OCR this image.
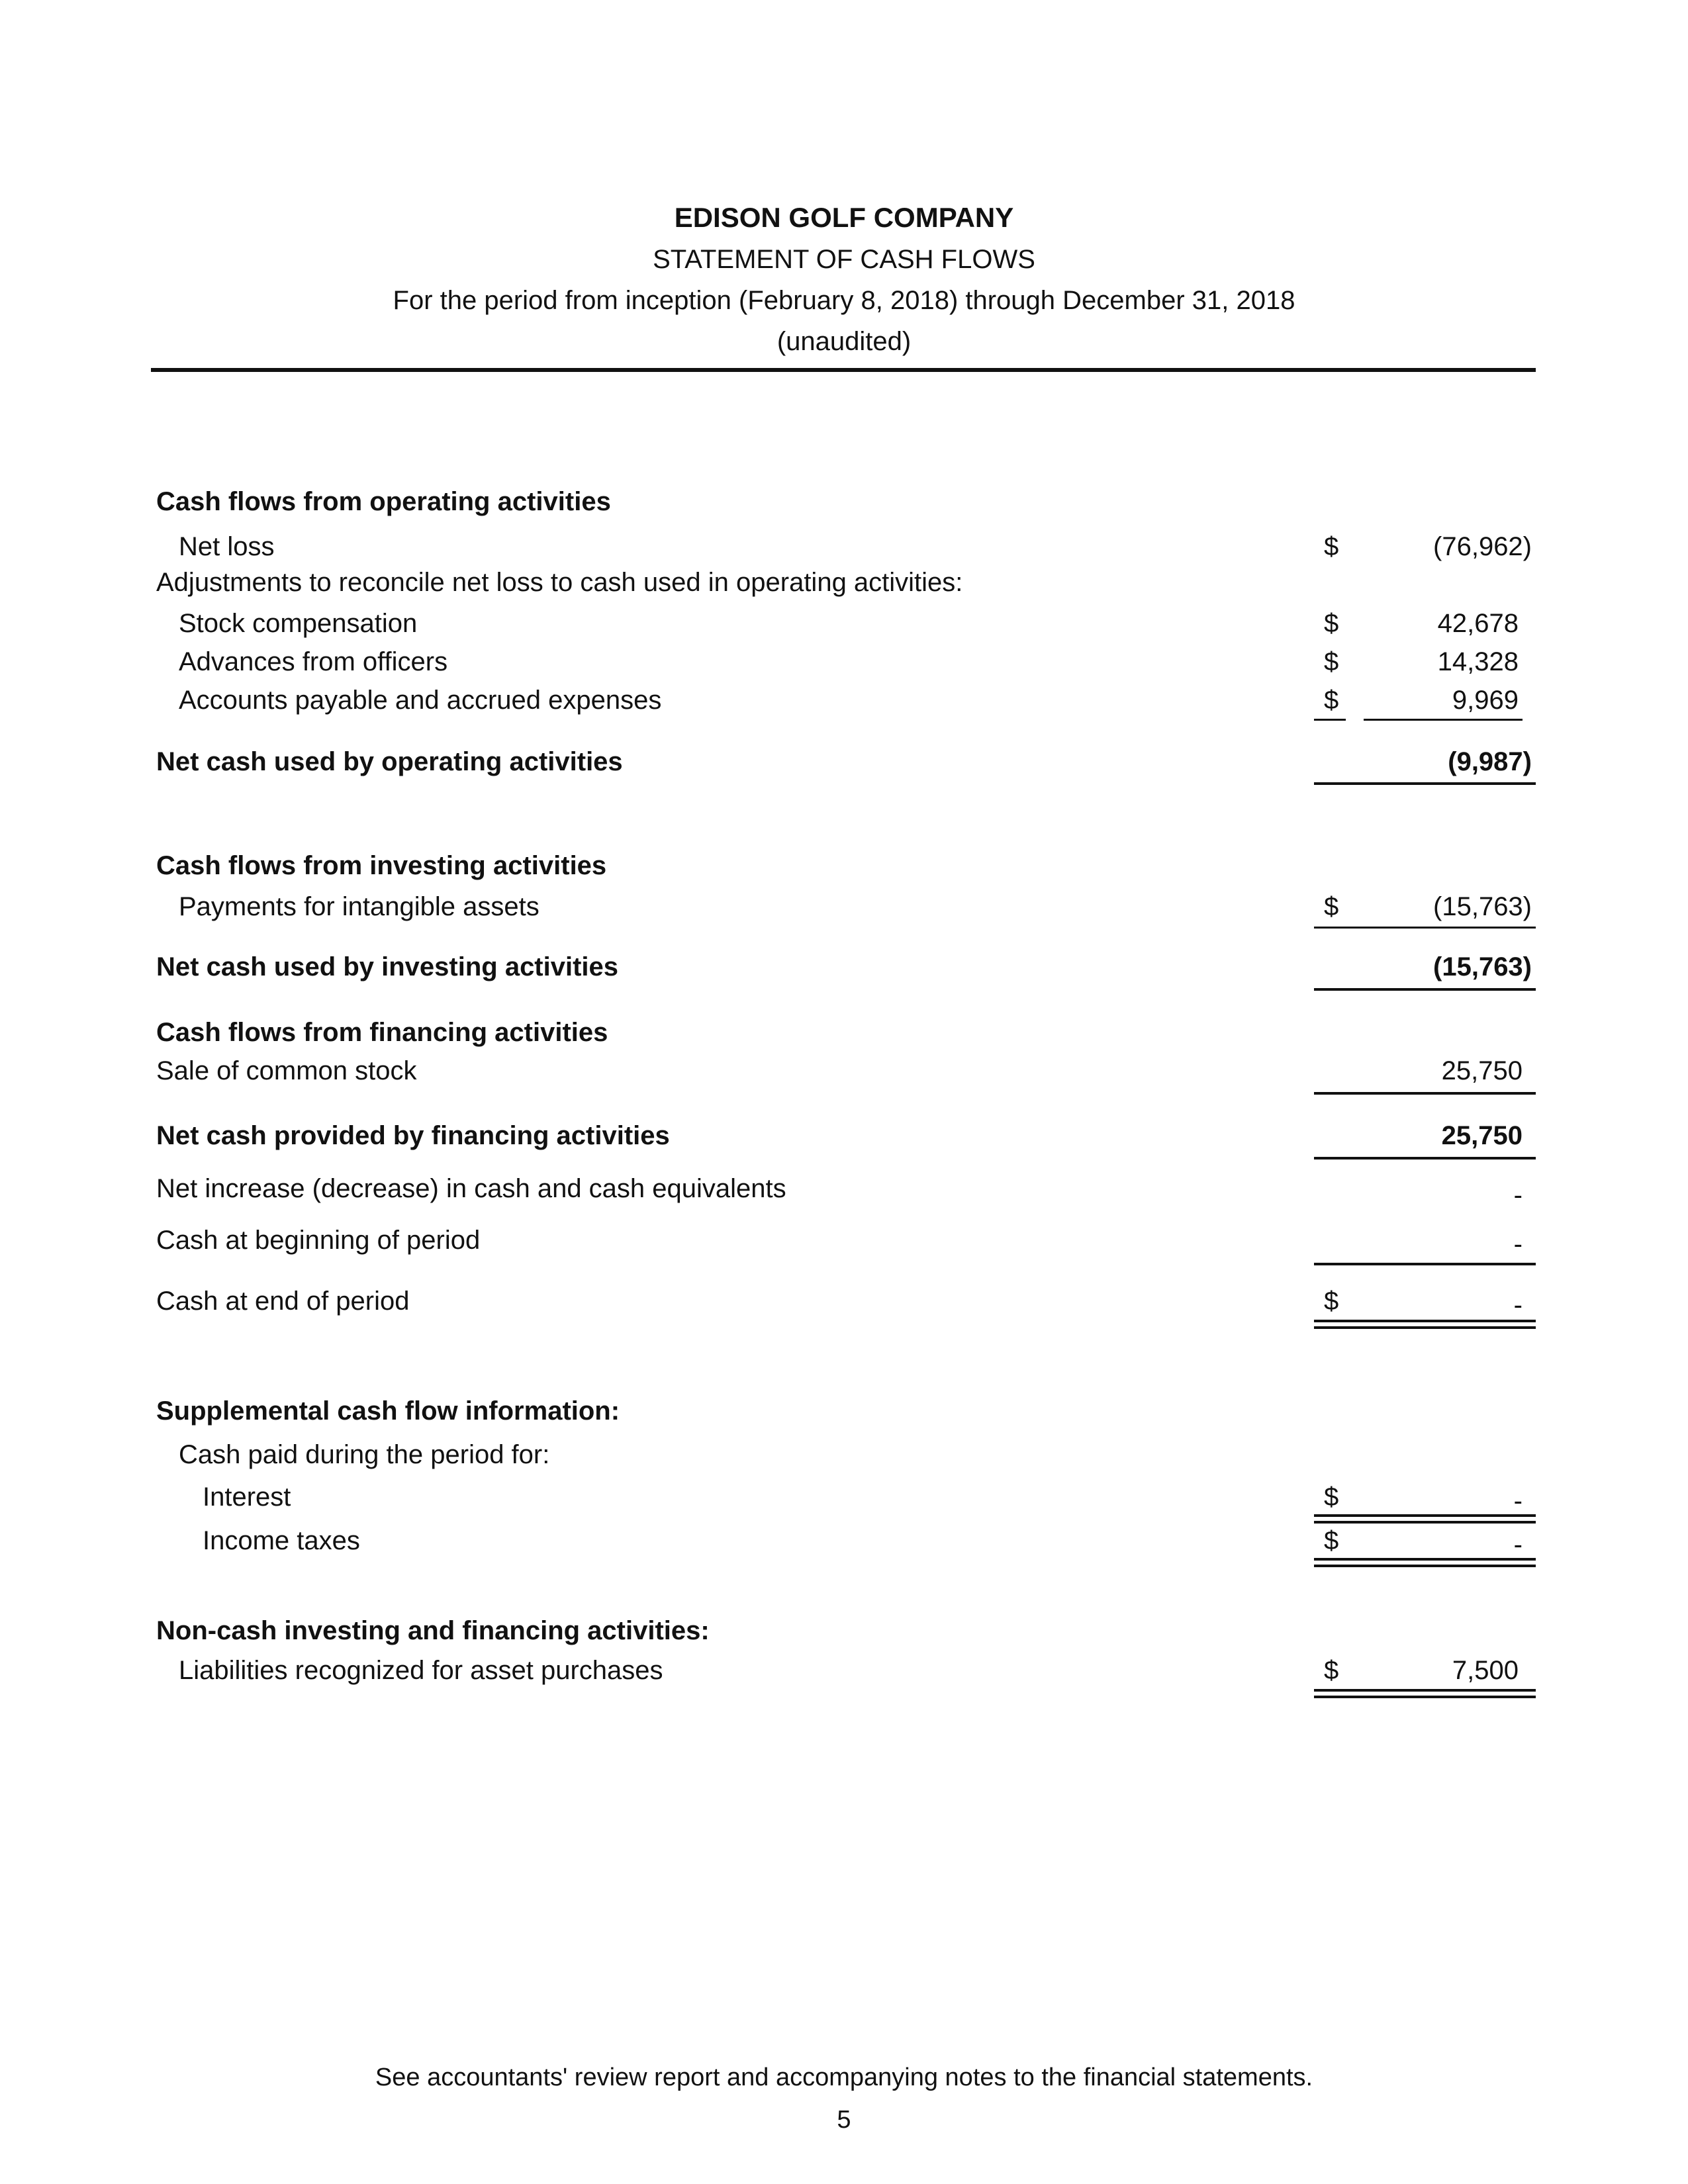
EDISON GOLF COMPANY
STATEMENT OF CASH FLOWS
For the period from inception (February 8, 2018) through December 31, 2018
(unaudited)
Cash flows from operating activities
Net loss	$	(76,962)
Adjustments to reconcile net loss to cash used in operating activities:
Stock compensation	$	42,678
Advances from officers	$	14,328
Accounts payable and accrued expenses	$	9,969
Net cash used by operating activities	(9,987)
Cash flows from investing activities
Payments for intangible assets	$	(15,763)
Net cash used by investing activities	(15,763)
Cash flows from financing activities
Sale of common stock	25,750
Net cash provided by financing activities	25,750
Net increase (decrease) in cash and cash equivalents	-
Cash at beginning of period	-
Cash at end of period	$	-
Supplemental cash flow information:
Cash paid during the period for:
Interest	$	-
Income taxes	$	-
Non-cash investing and financing activities:
Liabilities recognized for asset purchases	$	7,500
See accountants' review report and accompanying notes to the financial statements.
5
